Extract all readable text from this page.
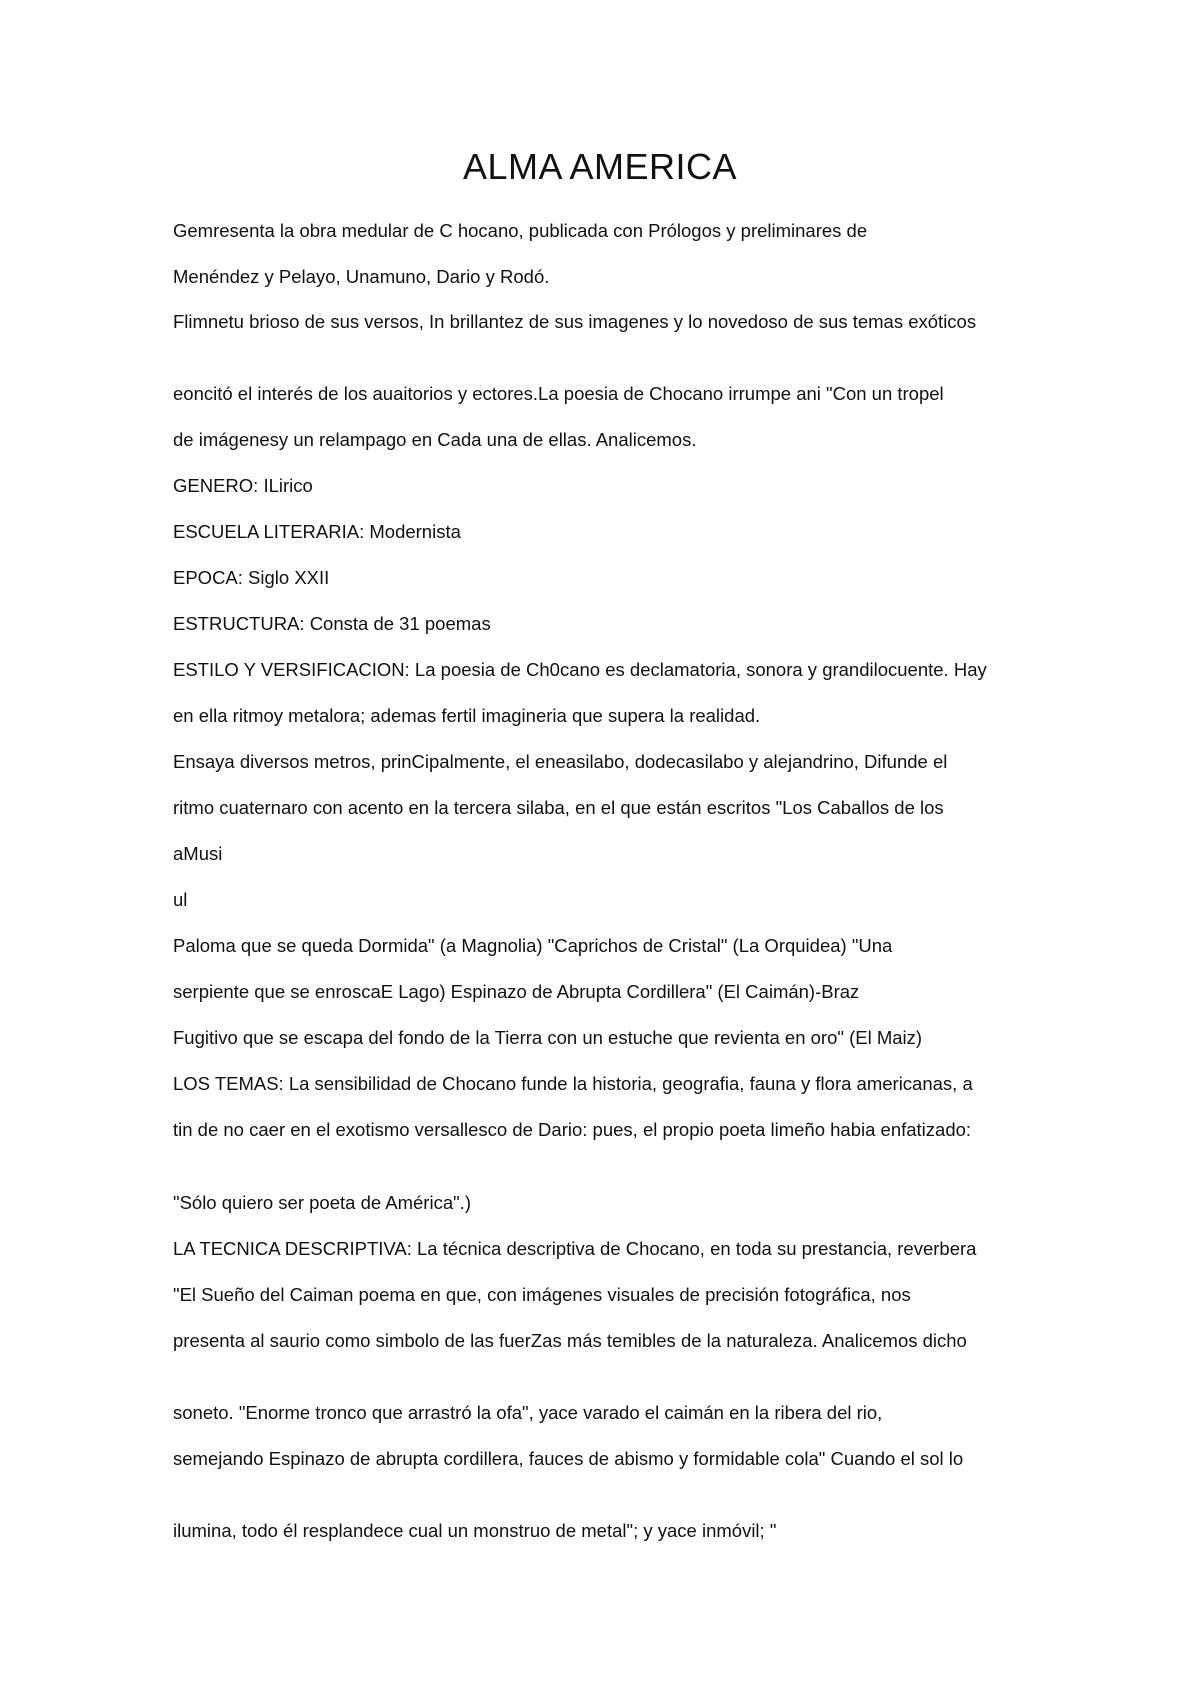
ALMA AMERICA

Gemresenta la obra medular de C hocano, publicada con Prólogos y preliminares de

Menéndez y Pelayo, Unamuno, Dario y Rodó.

Flimnetu brioso de sus versos, In brillantez de sus imagenes y lo novedoso de sus temas exóticos

eoncitó el interés de los auaitorios y ectores.La poesia de Chocano irrumpe ani "Con un tropel

de imágenesy un relampago en Cada una de ellas. Analicemos.

GENERO: ILirico

ESCUELA LITERARIA: Modernista

EPOCA: Siglo XXII

ESTRUCTURA: Consta de 31 poemas

ESTILO Y VERSIFICACION: La poesia de Ch0cano es declamatoria, sonora y grandilocuente. Hay

en ella ritmoy metalora; ademas fertil imagineria que supera la realidad.

Ensaya diversos metros, prinCipalmente, el eneasilabo, dodecasilabo y alejandrino, Difunde el

ritmo cuaternaro con acento en la tercera silaba, en el que están escritos "Los Caballos de los

aMusi

ul

Paloma que se queda Dormida" (a Magnolia) "Caprichos de Cristal" (La Orquidea) "Una

serpiente que se enroscaE Lago) Espinazo de Abrupta Cordillera" (El Caimán)-Braz

Fugitivo que se escapa del fondo de la Tierra con un estuche que revienta en oro" (El Maiz)

LOS TEMAS: La sensibilidad de Chocano funde la historia, geografia, fauna y flora americanas, a

tin de no caer en el exotismo versallesco de Dario: pues, el propio poeta limeño habia enfatizado:

"Sólo quiero ser poeta de América".)

LA TECNICA DESCRIPTIVA: La técnica descriptiva de Chocano, en toda su prestancia, reverbera

"El Sueño del Caiman poema en que, con imágenes visuales de precisión fotográfica, nos

presenta al saurio como simbolo de las fuerZas más temibles de la naturaleza. Analicemos dicho

soneto. "Enorme tronco que arrastró la ofa", yace varado el caimán en la ribera del rio,

semejando Espinazo de abrupta cordillera, fauces de abismo y formidable cola" Cuando el sol lo

ilumina, todo él resplandece cual un monstruo de metal"; y yace inmóvil; "
